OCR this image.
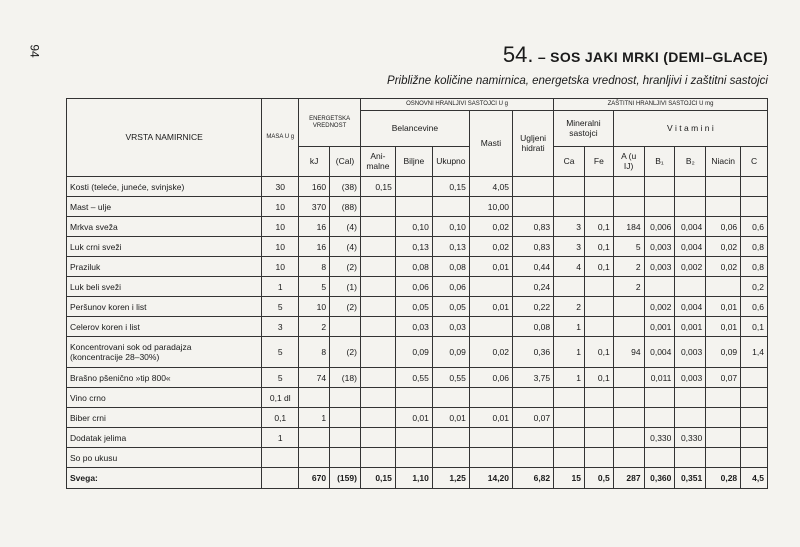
94	54. – SOS JAKI MRKI (DEMI–GLACE)
Približne količine namirnica, energetska vrednost, hranljivi i zaštitni sastojci
VRSTA NAMIRNICE	MASA U g	ENERGETSKA VREDNOST		OSNOVNI HRANLJIVI SASTOJCI U g					ZAŠTITNI HRANLJIVI SASTOJCI U mg						
				Belancevine			Masti	Ugljeni hidrati	Mineralni sastojci		V i t a m i n i				
		kJ	(Cal)	Ani- malne	Biljne	Ukupno			Ca	Fe	A (u IJ)	B₁	B₂	Niacin	C
Kosti (teleće, juneće, svinjske)	30	160	(38)	0,15		0,15	4,05								
Mast – ulje	10	370	(88)				10,00								
Mrkva sveža	10	16	(4)		0,10	0,10	0,02	0,83	3	0,1	184	0,006	0,004	0,06	0,6
Luk crni sveži	10	16	(4)		0,13	0,13	0,02	0,83	3	0,1	5	0,003	0,004	0,02	0,8
Praziluk	10	8	(2)		0,08	0,08	0,01	0,44	4	0,1	2	0,003	0,002	0,02	0,8
Luk beli sveži	1	5	(1)		0,06	0,06		0,24			2				0,2
Peršunov koren i list	5	10	(2)		0,05	0,05	0,01	0,22	2			0,002	0,004	0,01	0,6
Celerov koren i list	3	2			0,03	0,03		0,08	1			0,001	0,001	0,01	0,1
Koncentrovani sok od paradajza
(koncentracije 28–30%)	5	8	(2)		0,09	0,09	0,02	0,36	1	0,1	94	0,004	0,003	0,09	1,4
Brašno pšenično »tip 800«	5	74	(18)		0,55	0,55	0,06	3,75	1	0,1		0,011	0,003	0,07	
Vino crno	0,1 dl														
Biber crni	0,1	1			0,01	0,01	0,01	0,07							
Dodatak jelima	1											0,330	0,330		
So po ukusu															
Svega:		670	(159)	0,15	1,10	1,25	14,20	6,82	15	0,5	287	0,360	0,351	0,28	4,5
